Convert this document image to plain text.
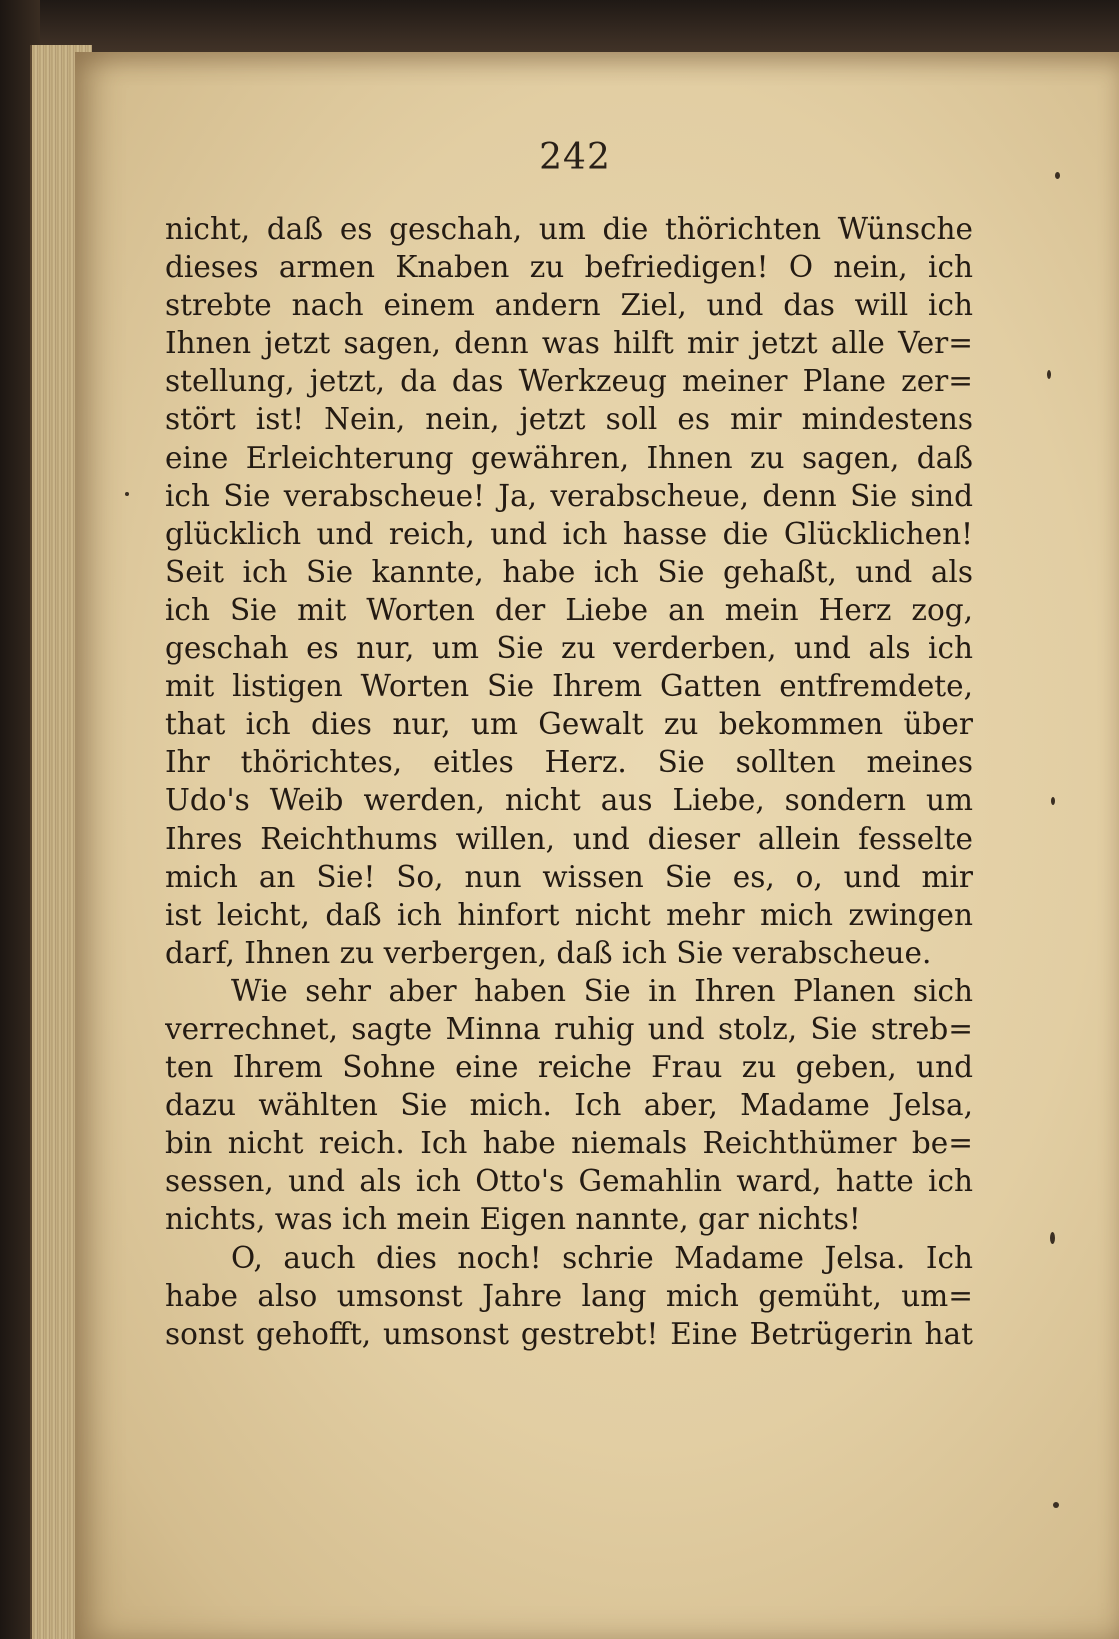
242
nicht, daß es geschah, um die thörichten Wünsche
dieses armen Knaben zu befriedigen! O nein, ich
strebte nach einem andern Ziel, und das will ich
Ihnen jetzt sagen, denn was hilft mir jetzt alle Ver=
stellung, jetzt, da das Werkzeug meiner Plane zer=
stört ist! Nein, nein, jetzt soll es mir mindestens
eine Erleichterung gewähren, Ihnen zu sagen, daß
ich Sie verabscheue! Ja, verabscheue, denn Sie sind
glücklich und reich, und ich hasse die Glücklichen!
Seit ich Sie kannte, habe ich Sie gehaßt, und als
ich Sie mit Worten der Liebe an mein Herz zog,
geschah es nur, um Sie zu verderben, und als ich
mit listigen Worten Sie Ihrem Gatten entfremdete,
that ich dies nur, um Gewalt zu bekommen über
Ihr thörichtes, eitles Herz. Sie sollten meines
Udo's Weib werden, nicht aus Liebe, sondern um
Ihres Reichthums willen, und dieser allein fesselte
mich an Sie! So, nun wissen Sie es, o, und mir
ist leicht, daß ich hinfort nicht mehr mich zwingen
darf, Ihnen zu verbergen, daß ich Sie verabscheue.
Wie sehr aber haben Sie in Ihren Planen sich
verrechnet, sagte Minna ruhig und stolz, Sie streb=
ten Ihrem Sohne eine reiche Frau zu geben, und
dazu wählten Sie mich. Ich aber, Madame Jelsa,
bin nicht reich. Ich habe niemals Reichthümer be=
sessen, und als ich Otto's Gemahlin ward, hatte ich
nichts, was ich mein Eigen nannte, gar nichts!
O, auch dies noch! schrie Madame Jelsa. Ich
habe also umsonst Jahre lang mich gemüht, um=
sonst gehofft, umsonst gestrebt! Eine Betrügerin hat
